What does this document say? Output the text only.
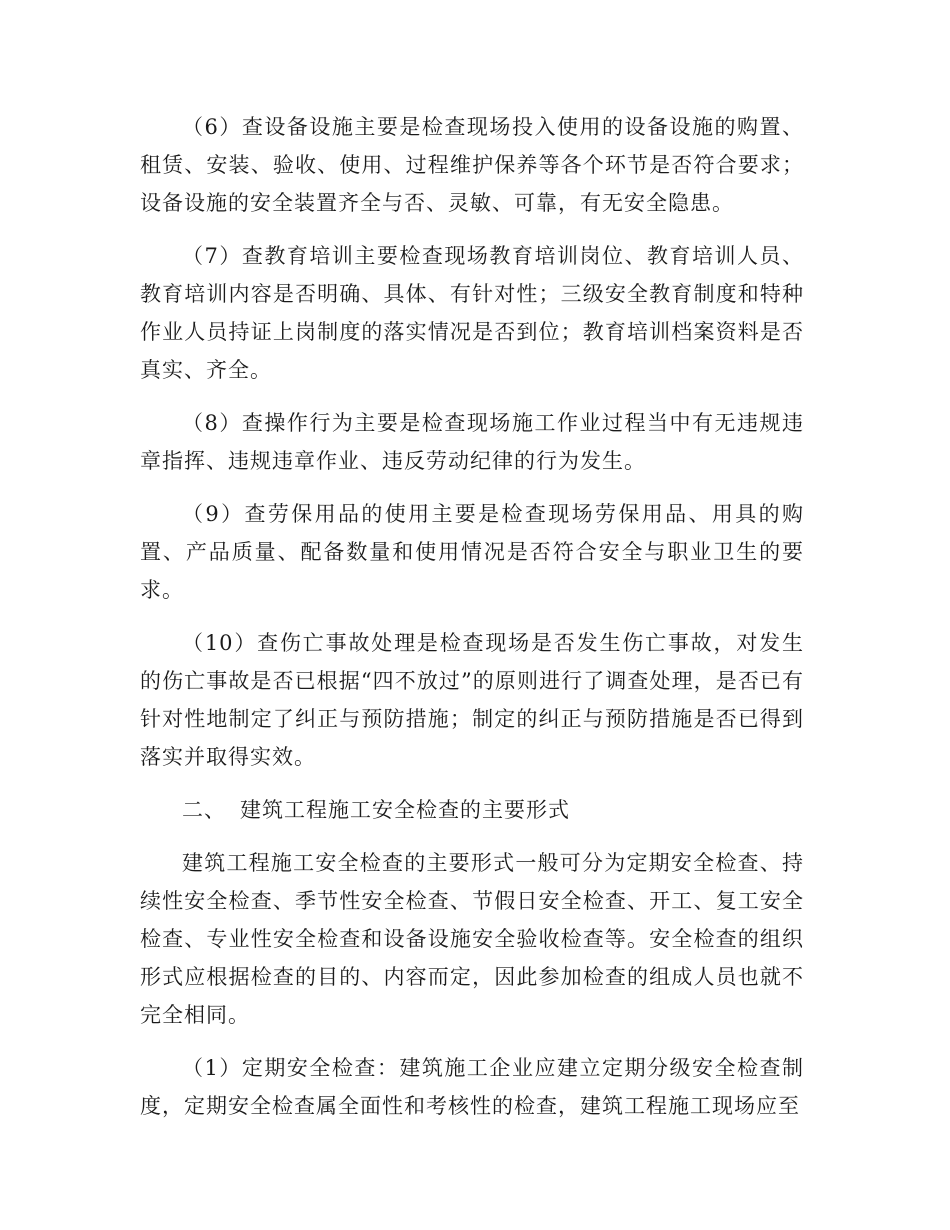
（6）查设备设施主要是检查现场投入使用的设备设施的购置、租赁、安装、验收、使用、过程维护保养等各个环节是否符合要求；设备设施的安全装置齐全与否、灵敏、可靠，有无安全隐患。

（7）查教育培训主要检查现场教育培训岗位、教育培训人员、教育培训内容是否明确、具体、有针对性；三级安全教育制度和特种作业人员持证上岗制度的落实情况是否到位；教育培训档案资料是否真实、齐全。

（8）查操作行为主要是检查现场施工作业过程当中有无违规违章指挥、违规违章作业、违反劳动纪律的行为发生。

（9）查劳保用品的使用主要是检查现场劳保用品、用具的购置、产品质量、配备数量和使用情况是否符合安全与职业卫生的要求。

（10）查伤亡事故处理是检查现场是否发生伤亡事故，对发生的伤亡事故是否已根据“四不放过”的原则进行了调查处理，是否已有针对性地制定了纠正与预防措施；制定的纠正与预防措施是否已得到落实并取得实效。

二、 建筑工程施工安全检查的主要形式

建筑工程施工安全检查的主要形式一般可分为定期安全检查、持续性安全检查、季节性安全检查、节假日安全检查、开工、复工安全检查、专业性安全检查和设备设施安全验收检查等。安全检查的组织形式应根据检查的目的、内容而定，因此参加检查的组成人员也就不完全相同。

（1）定期安全检查：建筑施工企业应建立定期分级安全检查制度，定期安全检查属全面性和考核性的检查，建筑工程施工现场应至
